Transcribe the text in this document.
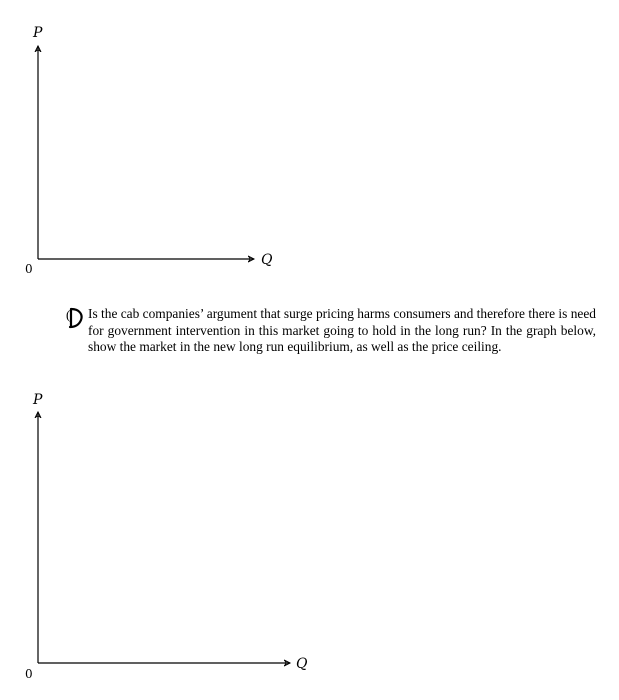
P
Q
0
( Is the cab companies’ argument that surge pricing harms consumers and therefore there is need for government intervention in this market going to hold in the long run? In the graph below, show the market in the new long run equilibrium, as well as the price ceiling.
P
Q
0
